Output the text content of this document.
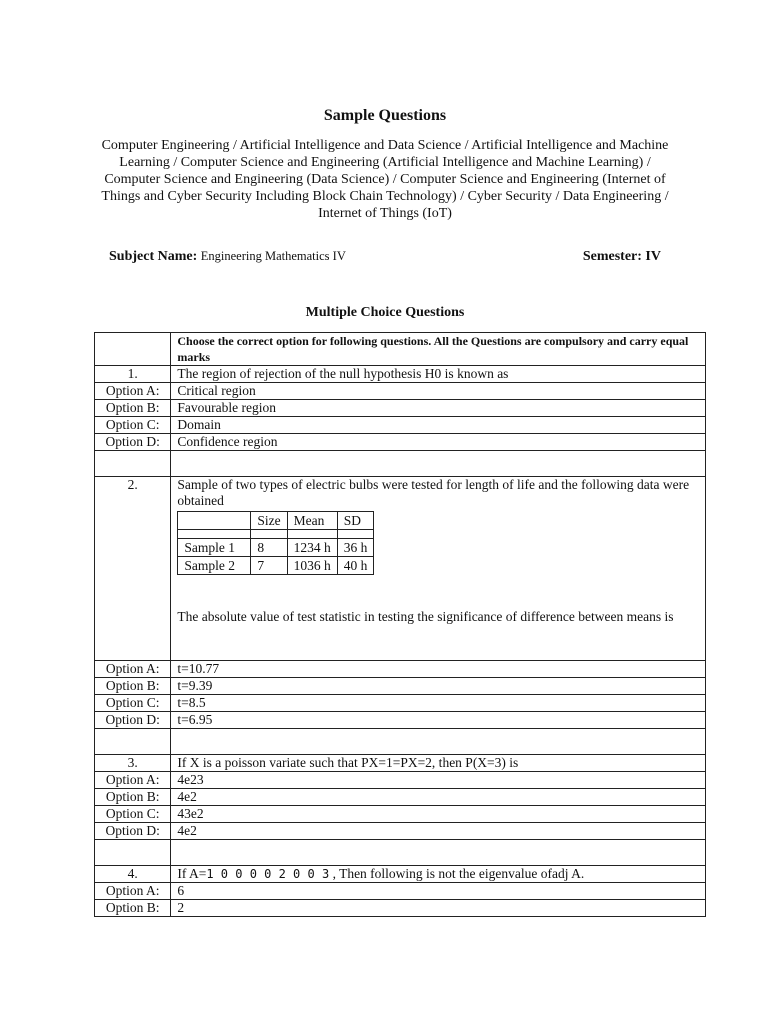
Sample Questions
Computer Engineering / Artificial Intelligence and Data Science / Artificial Intelligence and Machine Learning / Computer Science and Engineering (Artificial Intelligence and Machine Learning) / Computer Science and Engineering (Data Science) / Computer Science and Engineering (Internet of Things and Cyber Security Including Block Chain Technology) / Cyber Security / Data Engineering / Internet of Things (IoT)
Subject Name: Engineering Mathematics IV	Semester: IV
Multiple Choice Questions
	Choose the correct option for following questions. All the Questions are compulsory and carry equal marks
1.	The region of rejection of the null hypothesis H0 is known as
Option A:	Critical region
Option B:	Favourable region
Option C:	Domain
Option D:	Confidence region

2.	Sample of two types of electric bulbs were tested for length of life and the following data were obtained
	Size	Mean	SD

Sample 1	8	1234 h	36 h
Sample 2	7	1036 h	40 h
The absolute value of test statistic in testing the significance of difference between means is

Option A:	t=10.77
Option B:	t=9.39
Option C:	t=8.5
Option D:	t=6.95

3.	If X is a poisson variate such that PX=1=PX=2, then P(X=3) is
Option A:	4e23
Option B:	4e2
Option C:	43e2
Option D:	4e2

4.	If A=1 0 0 0 0 2 0 0 3 , Then following is not the eigenvalue ofadj A.
Option A:	6
Option B:	2
